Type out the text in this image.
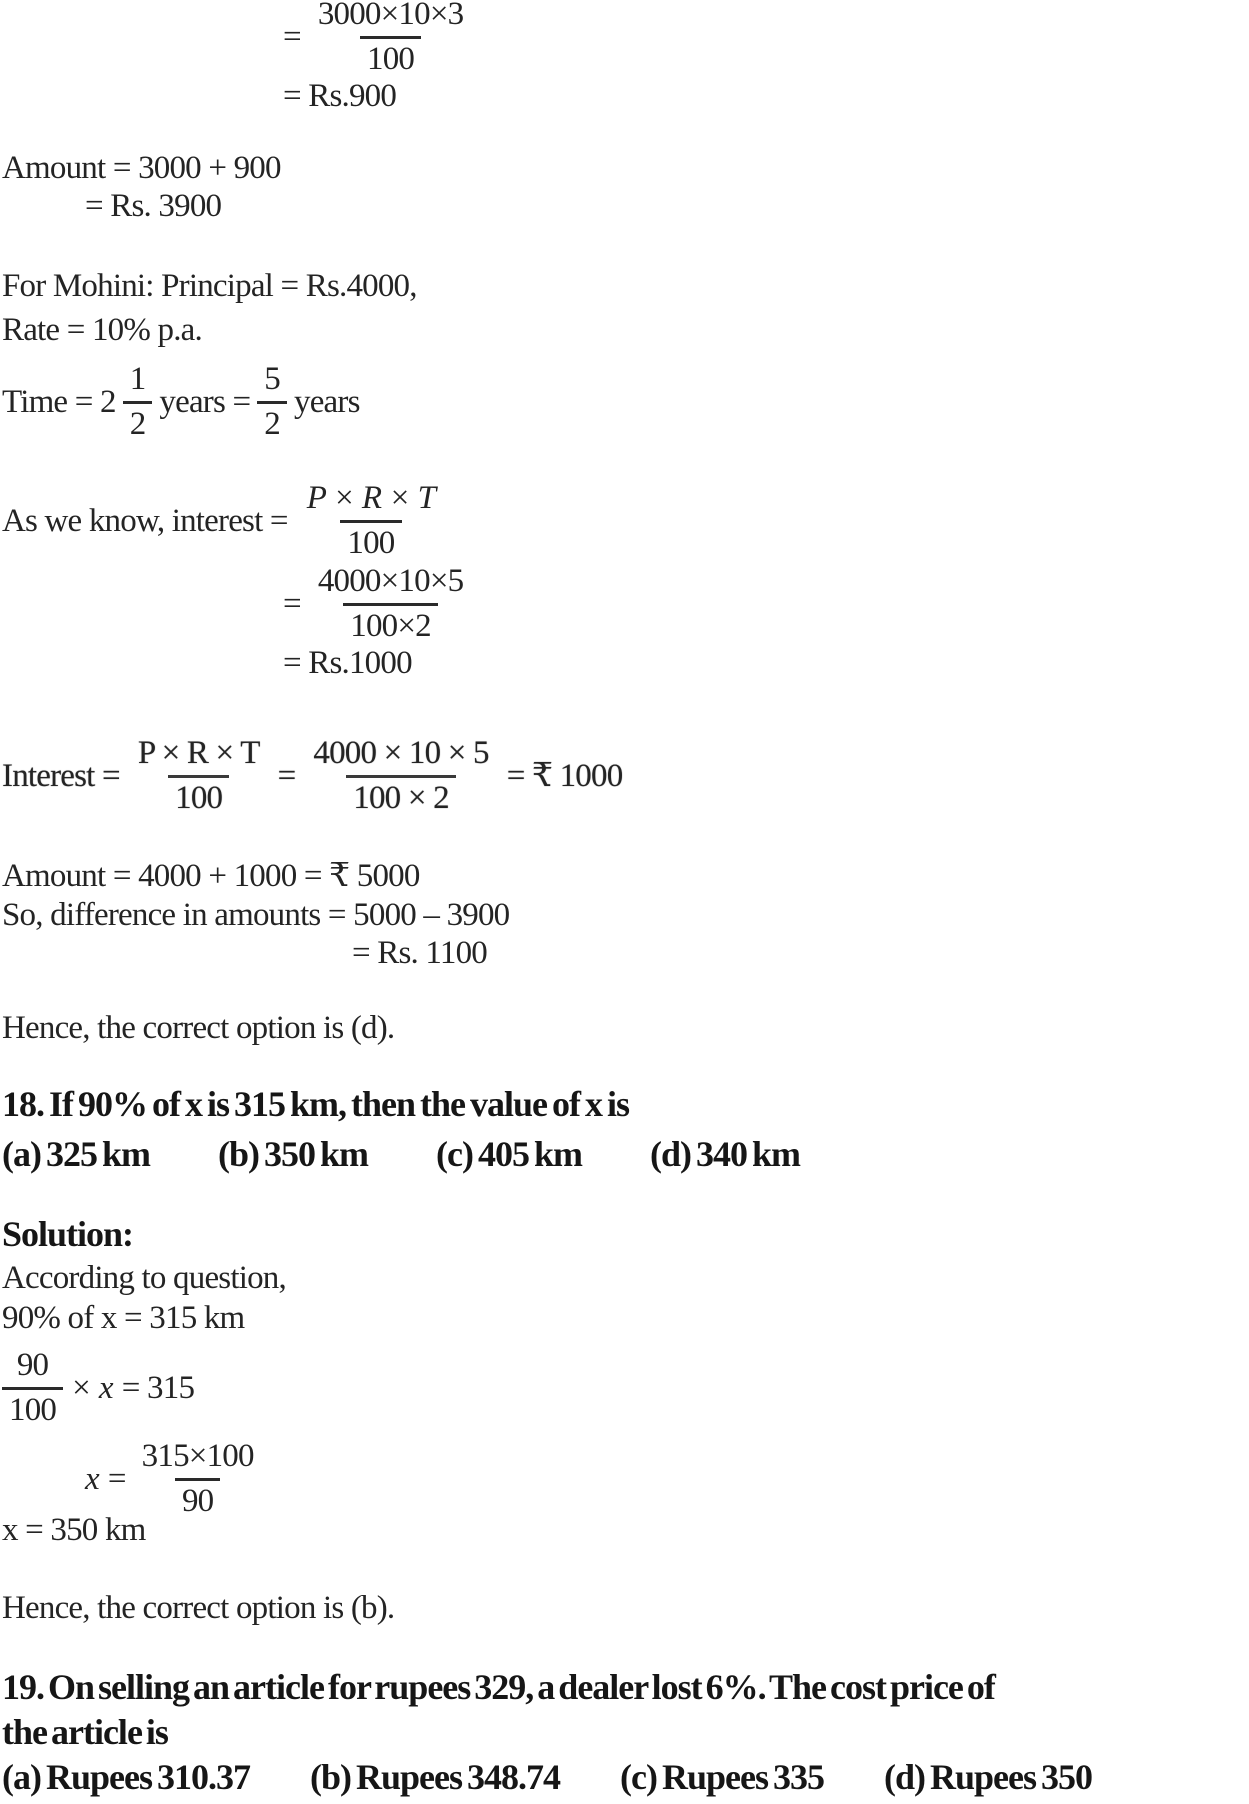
= $\frac{3000\times 10\times 3}{100}$
= Rs.900
Amount = 3000 + 900
= Rs. 3900
For Mohini: Principal = Rs.4000,
Rate = 10% p.a.
Time = $2 \frac{1}{2}$ years = $\frac{5}{2}$ years
As we know, interest = $\frac{P \times R \times T}{100}$
= $\frac{4000\times 10\times 5}{100\times 2}$
= Rs.1000
Interest = $\frac{P \times R \times T}{100} = \frac{4000 \times 10 \times 5}{100 \times 2}$ = ₹ 1000
Amount = 4000 + 1000 = ₹ 5000
So, difference in amounts = 5000 – 3900
= Rs. 1100
Hence, the correct option is (d).
18. If 90% of x is 315 km, then the value of x is
(a) 325 km (b) 350 km (c) 405 km (d) 340 km
Solution:
According to question,
90% of x = 315 km
$\frac{90}{100} \times x = 315$
$x = \frac{315\times 100}{90}$
x = 350 km
Hence, the correct option is (b).
19. On selling an article for rupees 329, a dealer lost 6%. The cost price of
the article is
(a) Rupees 310.37 (b) Rupees 348.74 (c) Rupees 335 (d) Rupees 350
